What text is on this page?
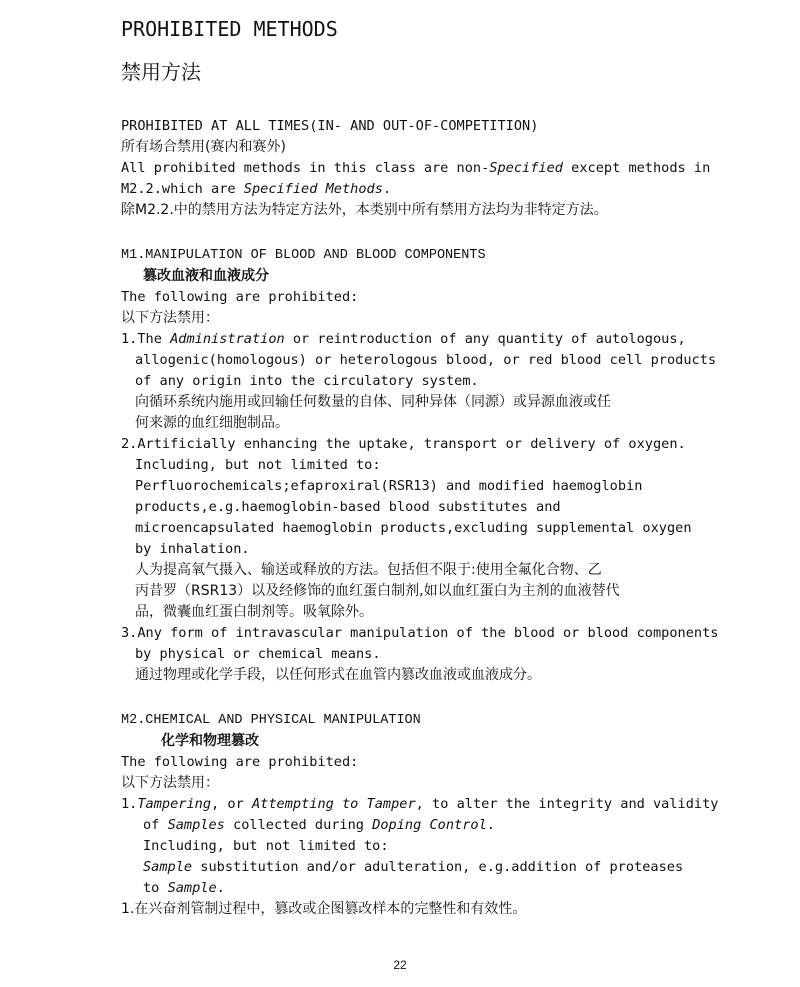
PROHIBITED METHODS
禁用方法
PROHIBITED AT ALL TIMES(IN- AND OUT-OF-COMPETITION)
所有场合禁用(赛内和赛外)
All prohibited methods in this class are non-Specified except methods in
M2.2.which are Specified Methods.
除M2.2.中的禁用方法为特定方法外，本类别中所有禁用方法均为非特定方法。
M1.MANIPULATION OF BLOOD AND BLOOD COMPONENTS
篡改血液和血液成分
The following are prohibited:
以下方法禁用：
1.The Administration or reintroduction of any quantity of autologous,
allogenic(homologous) or heterologous blood, or red blood cell products
of any origin into the circulatory system.
向循环系统内施用或回输任何数量的自体、同种异体（同源）或异源血液或任
何来源的血红细胞制品。
2.Artificially enhancing the uptake, transport or delivery of oxygen.
Including, but not limited to:
Perfluorochemicals;efaproxiral(RSR13) and modified haemoglobin
products,e.g.haemoglobin-based blood substitutes and
microencapsulated haemoglobin products,excluding supplemental oxygen
by inhalation.
人为提高氧气摄入、输送或释放的方法。包括但不限于:使用全氟化合物、乙
丙昔罗（RSR13）以及经修饰的血红蛋白制剂,如以血红蛋白为主剂的血液替代
品，微囊血红蛋白制剂等。吸氧除外。
3.Any form of intravascular manipulation of the blood or blood components
by physical or chemical means.
通过物理或化学手段，以任何形式在血管内篡改血液或血液成分。
M2.CHEMICAL AND PHYSICAL MANIPULATION
化学和物理篡改
The following are prohibited:
以下方法禁用：
1.Tampering, or Attempting to Tamper, to alter the integrity and validity
of Samples collected during Doping Control.
Including, but not limited to:
Sample substitution and/or adulteration, e.g.addition of proteases
to Sample.
1.在兴奋剂管制过程中，篡改或企图篡改样本的完整性和有效性。
22
